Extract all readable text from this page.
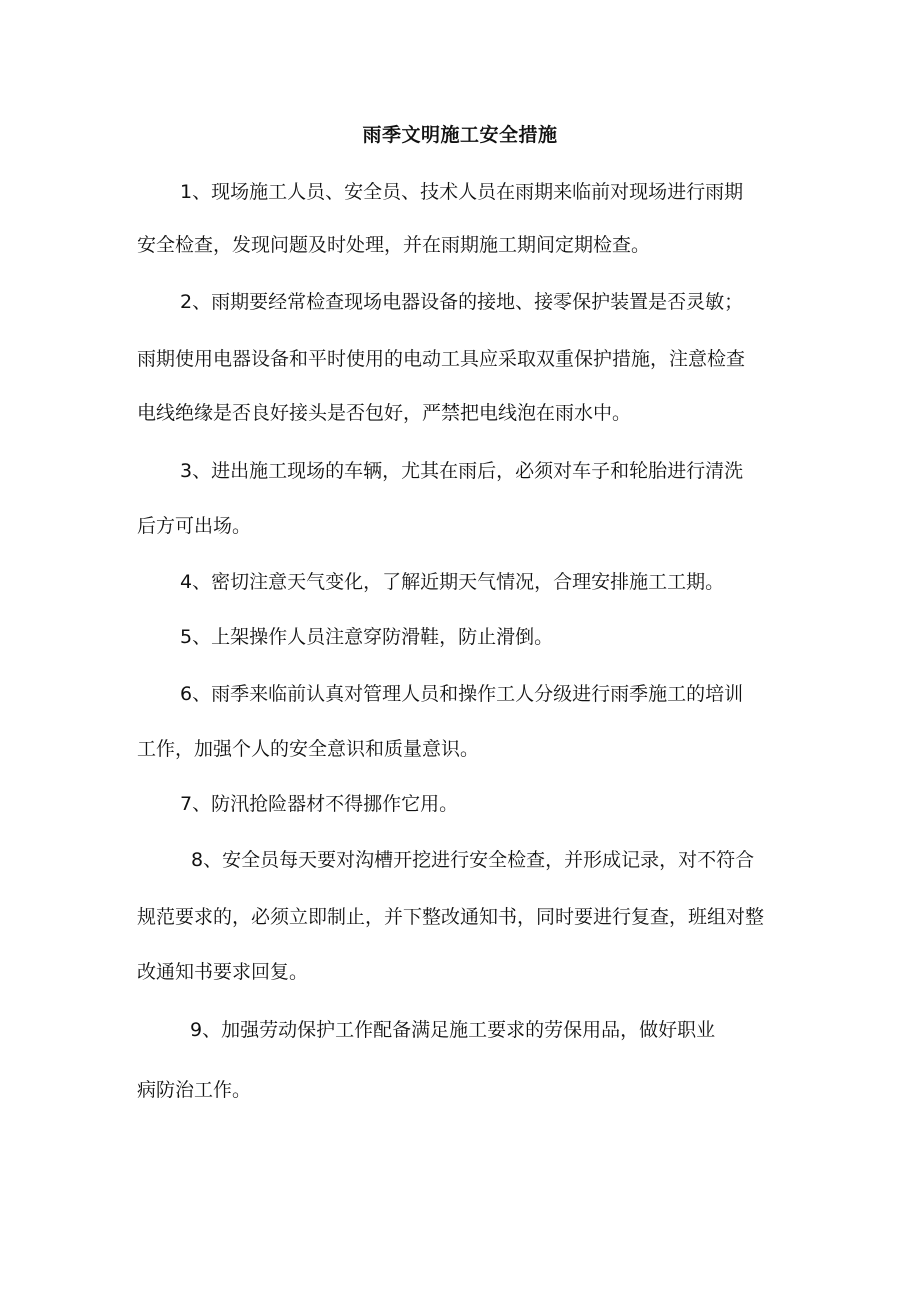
雨季文明施工安全措施

1、现场施工人员、安全员、技术人员在雨期来临前对现场进行雨期

安全检查，发现问题及时处理，并在雨期施工期间定期检查。

2、雨期要经常检查现场电器设备的接地、接零保护装置是否灵敏；

雨期使用电器设备和平时使用的电动工具应采取双重保护措施，注意检查

电线绝缘是否良好接头是否包好，严禁把电线泡在雨水中。

3、进出施工现场的车辆，尤其在雨后，必须对车子和轮胎进行清洗

后方可出场。

4、密切注意天气变化，了解近期天气情况，合理安排施工工期。

5、上架操作人员注意穿防滑鞋，防止滑倒。

6、雨季来临前认真对管理人员和操作工人分级进行雨季施工的培训

工作，加强个人的安全意识和质量意识。

7、防汛抢险器材不得挪作它用。

8、安全员每天要对沟槽开挖进行安全检查，并形成记录，对不符合

规范要求的，必须立即制止，并下整改通知书，同时要进行复查，班组对整

改通知书要求回复。

9、加强劳动保护工作配备满足施工要求的劳保用品，做好职业

病防治工作。
